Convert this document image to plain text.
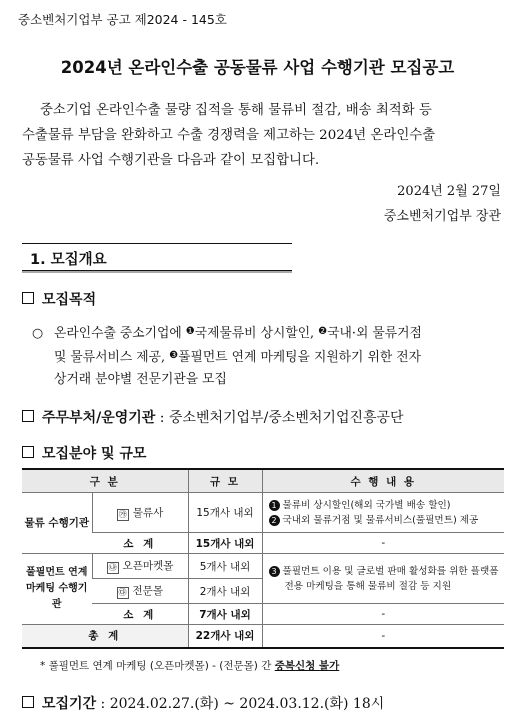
중소벤처기업부 공고 제2024 - 145호
2024년 온라인수출 공동물류 사업 수행기관 모집공고

중소기업 온라인수출 물량 집적을 통해 물류비 절감, 배송 최적화 등

수출물류 부담을 완화하고 수출 경쟁력을 제고하는 2024년 온라인수출

공동물류 사업 수행기관을 다음과 같이 모집합니다.

2024년 2월 27일
중소벤처기업부 장관
1. 모집개요
모집목적
○ 온라인수출 중소기업에 $^❶$국제물류비 상시할인, $^❷$국내·외 물류거점
및 물류서비스 제공, $^❸$풀필먼트 연계 마케팅을 지원하기 위한 전자
상거래 분야별 전문기관을 모집
주무부처/운영기관 : 중소벤처기업부/중소벤처기업진흥공단
모집분야 및 규모
구 분		규 모	수 행 내 용
물류 수행기관	㉮ 물류사	15개사 내외	1 물류비 상시할인(해외 국가별 배송 할인)
2 국내외 물류거점 및 물류서비스(풀필먼트) 제공

	소 계	15개사 내외	-
풀필먼트 연계 마케팅 수행기관	㉯ 오픈마켓몰	5개사 내외	3 풀필먼트 이용 및 글로벌 판매 활성화를 위한 플랫폼 전용 마케팅을 통해 물류비 절감 등 지원

	㉰ 전문몰	2개사 내외	
	소 계	7개사 내외	-
총 계		22개사 내외	-
* 풀필먼트 연계 마케팅 (오픈마켓몰) - (전문몰) 간 중복신청 불가
모집기간 : 2024.02.27.(화) ~ 2024.03.12.(화) 18시
